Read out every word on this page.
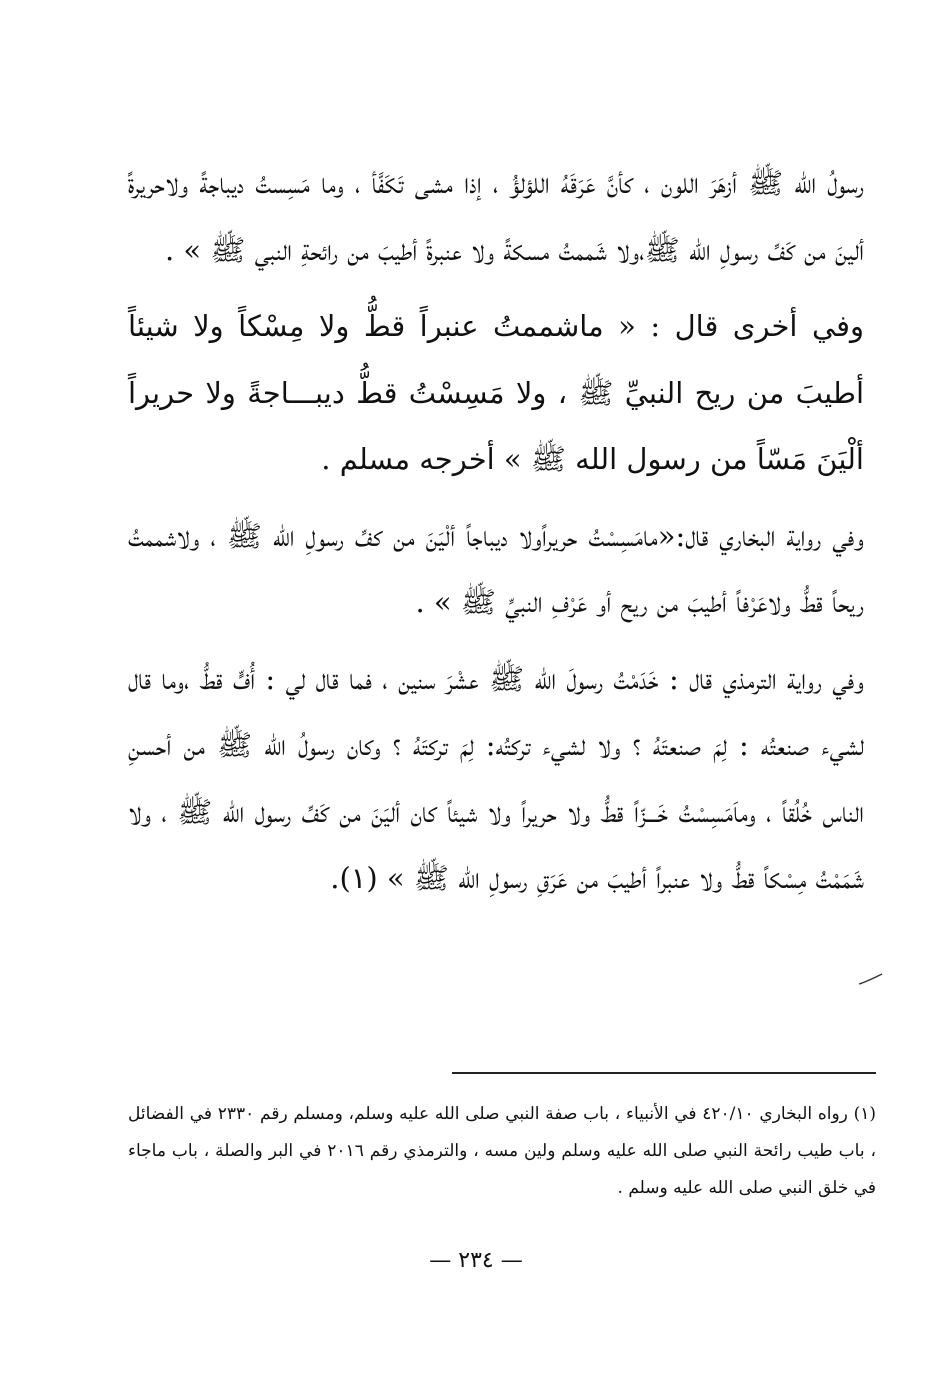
رسولُ الله ﷺ أزهَرَ اللون ، كأنَّ عَرَقَهُ اللؤلؤُ ، إذا مشى تَكَفَّأ ، وما مَسِستُ ديباجةً ولاحريرةً ألينَ من كَفِّ رسولِ الله ﷺ،ولا شَممتُ مسكةً ولا عنبرةً أطيبَ من رائحةِ النبي ﷺ » .

وفي أخرى قال : « ماشممتُ عنبراً قطُّ ولا مِسْكاً ولا شيئاً أطيبَ من ريح النبيِّ ﷺ ، ولا مَسِسْتُ قطُّ ديبـــاجةً ولا حريراً ألْيَنَ مَسّاً من رسول الله ﷺ » أخرجه مسلم .

وفي رواية البخاري قال:«مامَسِسْتُ حريراًولا ديباجاً ألْيَنَ من كفِّ رسولِ الله ﷺ ، ولاشممتُ ريحاً قطُّ ولاعَرْفاً أطيبَ من ريح أو عَرْفِ النبيِّ ﷺ » .

وفي رواية الترمذي قال : خَدَمْتُ رسولَ الله ﷺ عشْرَ سنين ، فما قال لي : أُفٍّ قطُّ ،وما قال لشيء صنعتُه : لِمَ صنعتَهُ ؟ ولا لشيء تركتُه: لِمَ تركتَهُ ؟ وكان رسولُ الله ﷺ من أحسنِ الناس خُلُقاً ، وماَمَسِسْتُ خَـــزّاً قطُّ ولا حريراً ولا شيئاً كان أليَنَ من كَفِّ رسول الله ﷺ ، ولا شَمَمْتُ مِسْكاً قطُّ ولا عنبراً أطيبَ من عَرَقِ رسولِ الله ﷺ » (١).

(١) رواه البخاري ٤٢٠/١٠ في الأنبياء ، باب صفة النبي صلى الله عليه وسلم، ومسلم رقم ٢٣٣٠ في الفضائل ، باب طيب رائحة النبي صلى الله عليه وسلم ولين مسه ، والترمذي رقم ٢٠١٦ في البر والصلة ، باب ماجاء في خلق النبي صلى الله عليه وسلم .
— ٢٣٤ —
